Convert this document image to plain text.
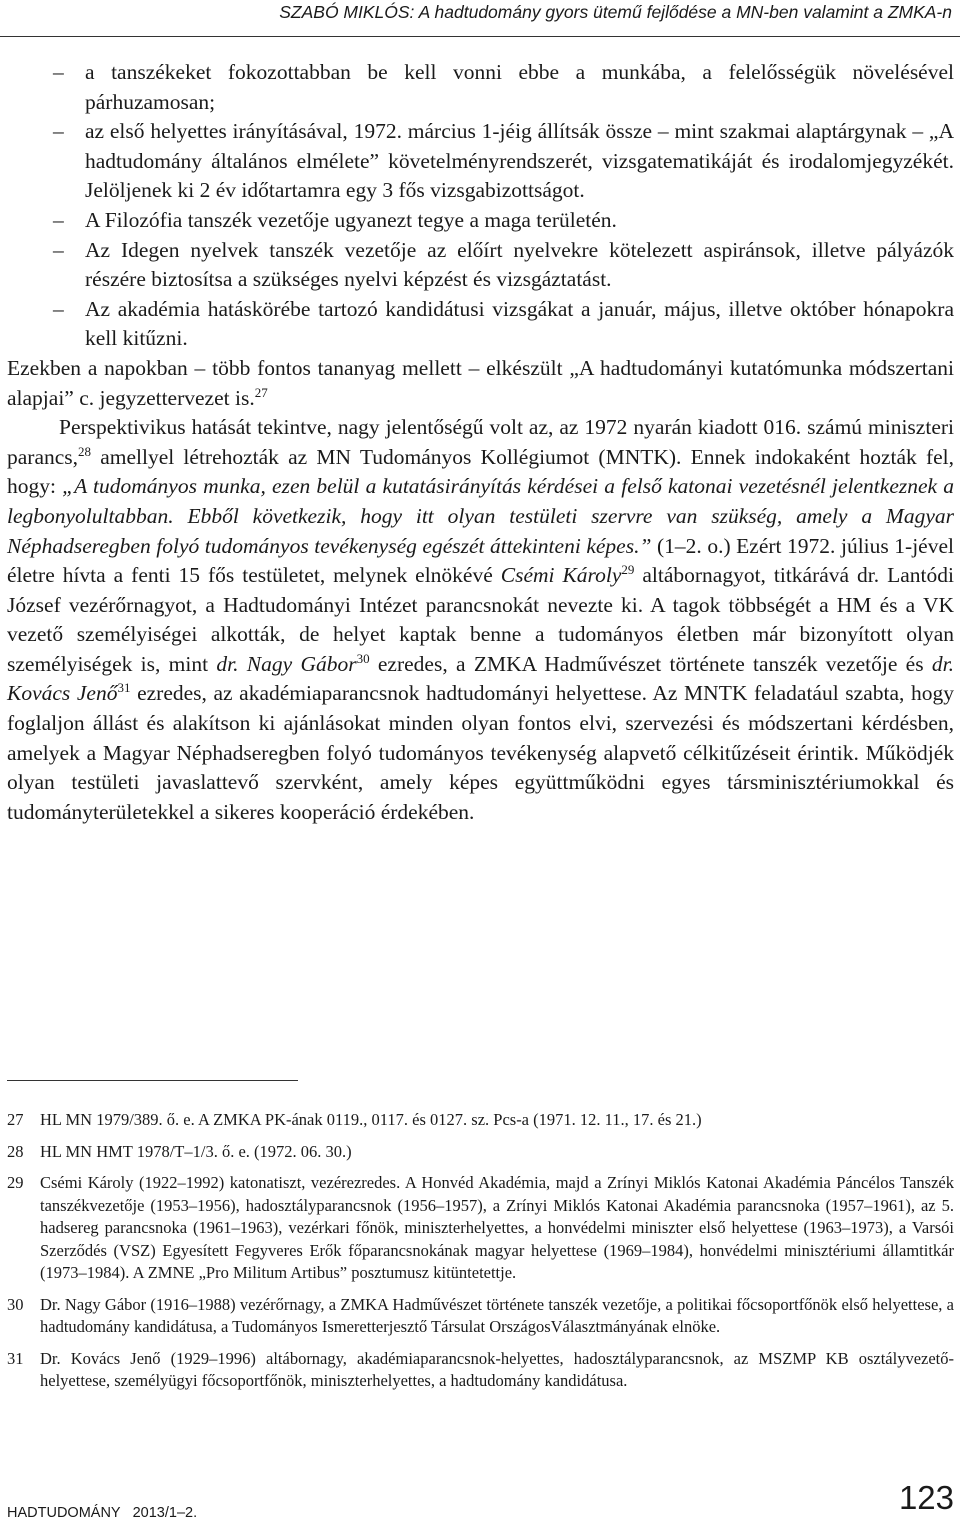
SZABÓ MIKLÓS: A hadtudomány gyors ütemű fejlődése a MN-ben valamint a ZMKA-n

– a tanszékeket fokozottabban be kell vonni ebbe a munkába, a felelősségük növelésével párhuzamosan;

– az első helyettes irányításával, 1972. március 1-jéig állítsák össze – mint szakmai alaptárgynak – „A hadtudomány általános elmélete” követelményrendszerét, vizsgatematikáját és irodalomjegyzékét. Jelöljenek ki 2 év időtartamra egy 3 fős vizsgabizottságot.

– A Filozófia tanszék vezetője ugyanezt tegye a maga területén.

– Az Idegen nyelvek tanszék vezetője az előírt nyelvekre kötelezett aspiránsok, illetve pályázók részére biztosítsa a szükséges nyelvi képzést és vizsgáztatást.

– Az akadémia hatáskörébe tartozó kandidátusi vizsgákat a január, május, illetve október hónapokra kell kitűzni.

Ezekben a napokban – több fontos tananyag mellett – elkészült „A hadtudományi kutatómunka módszertani alapjai” c. jegyzettervezet is.$^{27}$

Perspektivikus hatását tekintve, nagy jelentőségű volt az, az 1972 nyarán kiadott 016. számú miniszteri parancs,$^{28}$ amellyel létrehozták az MN Tudományos Kollégiumot (MNTK). Ennek indokaként hozták fel, hogy: „A tudományos munka, ezen belül a kutatásirányítás kérdései a felső katonai vezetésnél jelentkeznek a legbonyolultabban. Ebből következik, hogy itt olyan testületi szervre van szükség, amely a Magyar Néphadseregben folyó tudományos tevékenység egészét áttekinteni képes.” (1–2. o.) Ezért 1972. július 1-jével életre hívta a fenti 15 fős testületet, melynek elnökévé Csémi Károly$^{29}$ altábornagyot, titkárává dr. Lantódi József vezérőrnagyot, a Hadtudományi Intézet parancsnokát nevezte ki. A tagok többségét a HM és a VK vezető személyiségei alkották, de helyet kaptak benne a tudományos életben már bizonyított olyan személyiségek is, mint dr. Nagy Gábor$^{30}$ ezredes, a ZMKA Hadművészet története tanszék vezetője és dr. Kovács Jenő$^{31}$ ezredes, az akadémiaparancsnok hadtudományi helyettese. Az MNTK feladatául szabta, hogy foglaljon állást és alakítson ki ajánlásokat minden olyan fontos elvi, szervezési és módszertani kérdésben, amelyek a Magyar Néphadseregben folyó tudományos tevékenység alapvető célkitűzéseit érintik. Működjék olyan testületi javaslattevő szervként, amely képes együttműködni egyes társminisztériumokkal és tudományterületekkel a sikeres kooperáció érdekében.

27 HL MN 1979/389. ő. e. A ZMKA PK-ának 0119., 0117. és 0127. sz. Pcs-a (1971. 12. 11., 17. és 21.)

28 HL MN HMT 1978/T–1/3. ő. e. (1972. 06. 30.)

29 Csémi Károly (1922–1992) katonatiszt, vezérezredes. A Honvéd Akadémia, majd a Zrínyi Miklós Katonai Akadémia Páncélos Tanszék tanszékvezetője (1953–1956), hadosztályparancsnok (1956–1957), a Zrínyi Miklós Katonai Akadémia parancsnoka (1957–1961), az 5. hadsereg parancsnoka (1961–1963), vezérkari főnök, miniszterhelyettes, a honvédelmi miniszter első helyettese (1963–1973), a Varsói Szerződés (VSZ) Egyesített Fegyveres Erők főparancsnokának magyar helyettese (1969–1984), honvédelmi minisztériumi államtitkár (1973–1984). A ZMNE „Pro Militum Artibus” posztumusz kitüntetettje.

30 Dr. Nagy Gábor (1916–1988) vezérőrnagy, a ZMKA Hadművészet története tanszék vezetője, a politikai főcsoportfőnök első helyettese, a hadtudomány kandidátusa, a Tudományos Ismeretterjesztő Társulat OrszágosVálasztmányának elnöke.

31 Dr. Kovács Jenő (1929–1996) altábornagy, akadémiaparancsnok-helyettes, hadosztályparancsnok, az MSZMP KB osztályvezető-helyettese, személyügyi főcsoportfőnök, miniszterhelyettes, a hadtudomány kandidátusa.

HADTUDOMÁNY 2013/1–2.	123
